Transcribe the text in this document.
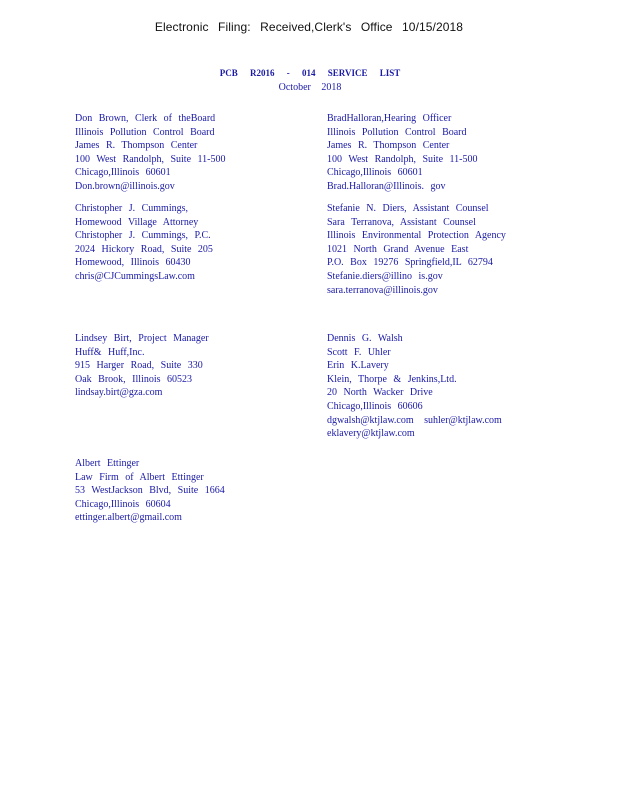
Electronic Filing: Received,Clerk's Office 10/15/2018
PCB R2016 - 014 SERVICE LIST
October 2018
Don Brown, Clerk of theBoard
Illinois Pollution Control Board
James R. Thompson Center
100 West Randolph, Suite 11-500
Chicago,Illinois 60601
Don.brown@illinois.gov
BradHalloran,Hearing Officer
Illinois Pollution Control Board
James R. Thompson Center
100 West Randolph, Suite 11-500
Chicago,Illinois 60601
Brad.Halloran@Illinois. gov
Christopher J. Cummings,
Homewood Village Attorney
Christopher J. Cummings, P.C.
2024 Hickory Road, Suite 205
Homewood, Illinois 60430
chris@CJCummingsLaw.com
Stefanie N. Diers, Assistant Counsel
Sara Terranova, Assistant Counsel
Illinois Environmental Protection Agency
1021 North Grand Avenue East
P.O. Box 19276 Springfield,IL 62794
Stefanie.diers@illino is.gov
sara.terranova@illinois.gov
Lindsey Birt, Project Manager
Huff& Huff,Inc.
915 Harger Road, Suite 330
Oak Brook, Illinois 60523
lindsay.birt@gza.com
Dennis G. Walsh
Scott F. Uhler
Erin K.Lavery
Klein, Thorpe & Jenkins,Ltd.
20 North Wacker Drive
Chicago,Illinois 60606
dgwalsh@ktjlaw.com suhler@ktjlaw.com
eklavery@ktjlaw.com
Albert Ettinger
Law Firm of Albert Ettinger
53 WestJackson Blvd, Suite 1664
Chicago,Illinois 60604
ettinger.albert@gmail.com
